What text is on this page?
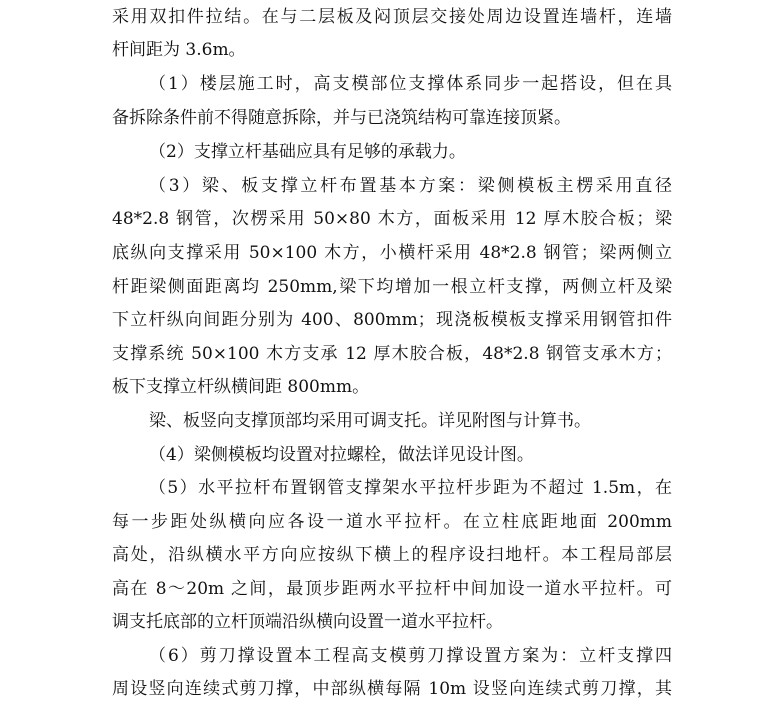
采用双扣件拉结。在与二层板及闷顶层交接处周边设置连墙杆，连墙
杆间距为 3.6m。
（1）楼层施工时，高支模部位支撑体系同步一起搭设，但在具
备拆除条件前不得随意拆除，并与已浇筑结构可靠连接顶紧。
（2）支撑立杆基础应具有足够的承载力。
（3）梁、板支撑立杆布置基本方案：梁侧模板主楞采用直径
48*2.8 钢管，次楞采用 50×80 木方，面板采用 12 厚木胶合板；梁
底纵向支撑采用 50×100 木方，小横杆采用 48*2.8 钢管；梁两侧立
杆距梁侧面距离均 250mm,梁下均增加一根立杆支撑，两侧立杆及梁
下立杆纵向间距分别为 400、800mm；现浇板模板支撑采用钢管扣件
支撑系统 50×100 木方支承 12 厚木胶合板，48*2.8 钢管支承木方；
板下支撑立杆纵横间距 800mm。
梁、板竖向支撑顶部均采用可调支托。详见附图与计算书。
（4）梁侧模板均设置对拉螺栓，做法详见设计图。
（5）水平拉杆布置钢管支撑架水平拉杆步距为不超过 1.5m，在
每一步距处纵横向应各设一道水平拉杆。在立柱底距地面 200mm
高处，沿纵横水平方向应按纵下横上的程序设扫地杆。本工程局部层
高在 8～20m 之间，最顶步距两水平拉杆中间加设一道水平拉杆。可
调支托底部的立杆顶端沿纵横向设置一道水平拉杆。
（6）剪刀撑设置本工程高支模剪刀撑设置方案为：立杆支撑四
周设竖向连续式剪刀撑，中部纵横每隔 10m 设竖向连续式剪刀撑，其
